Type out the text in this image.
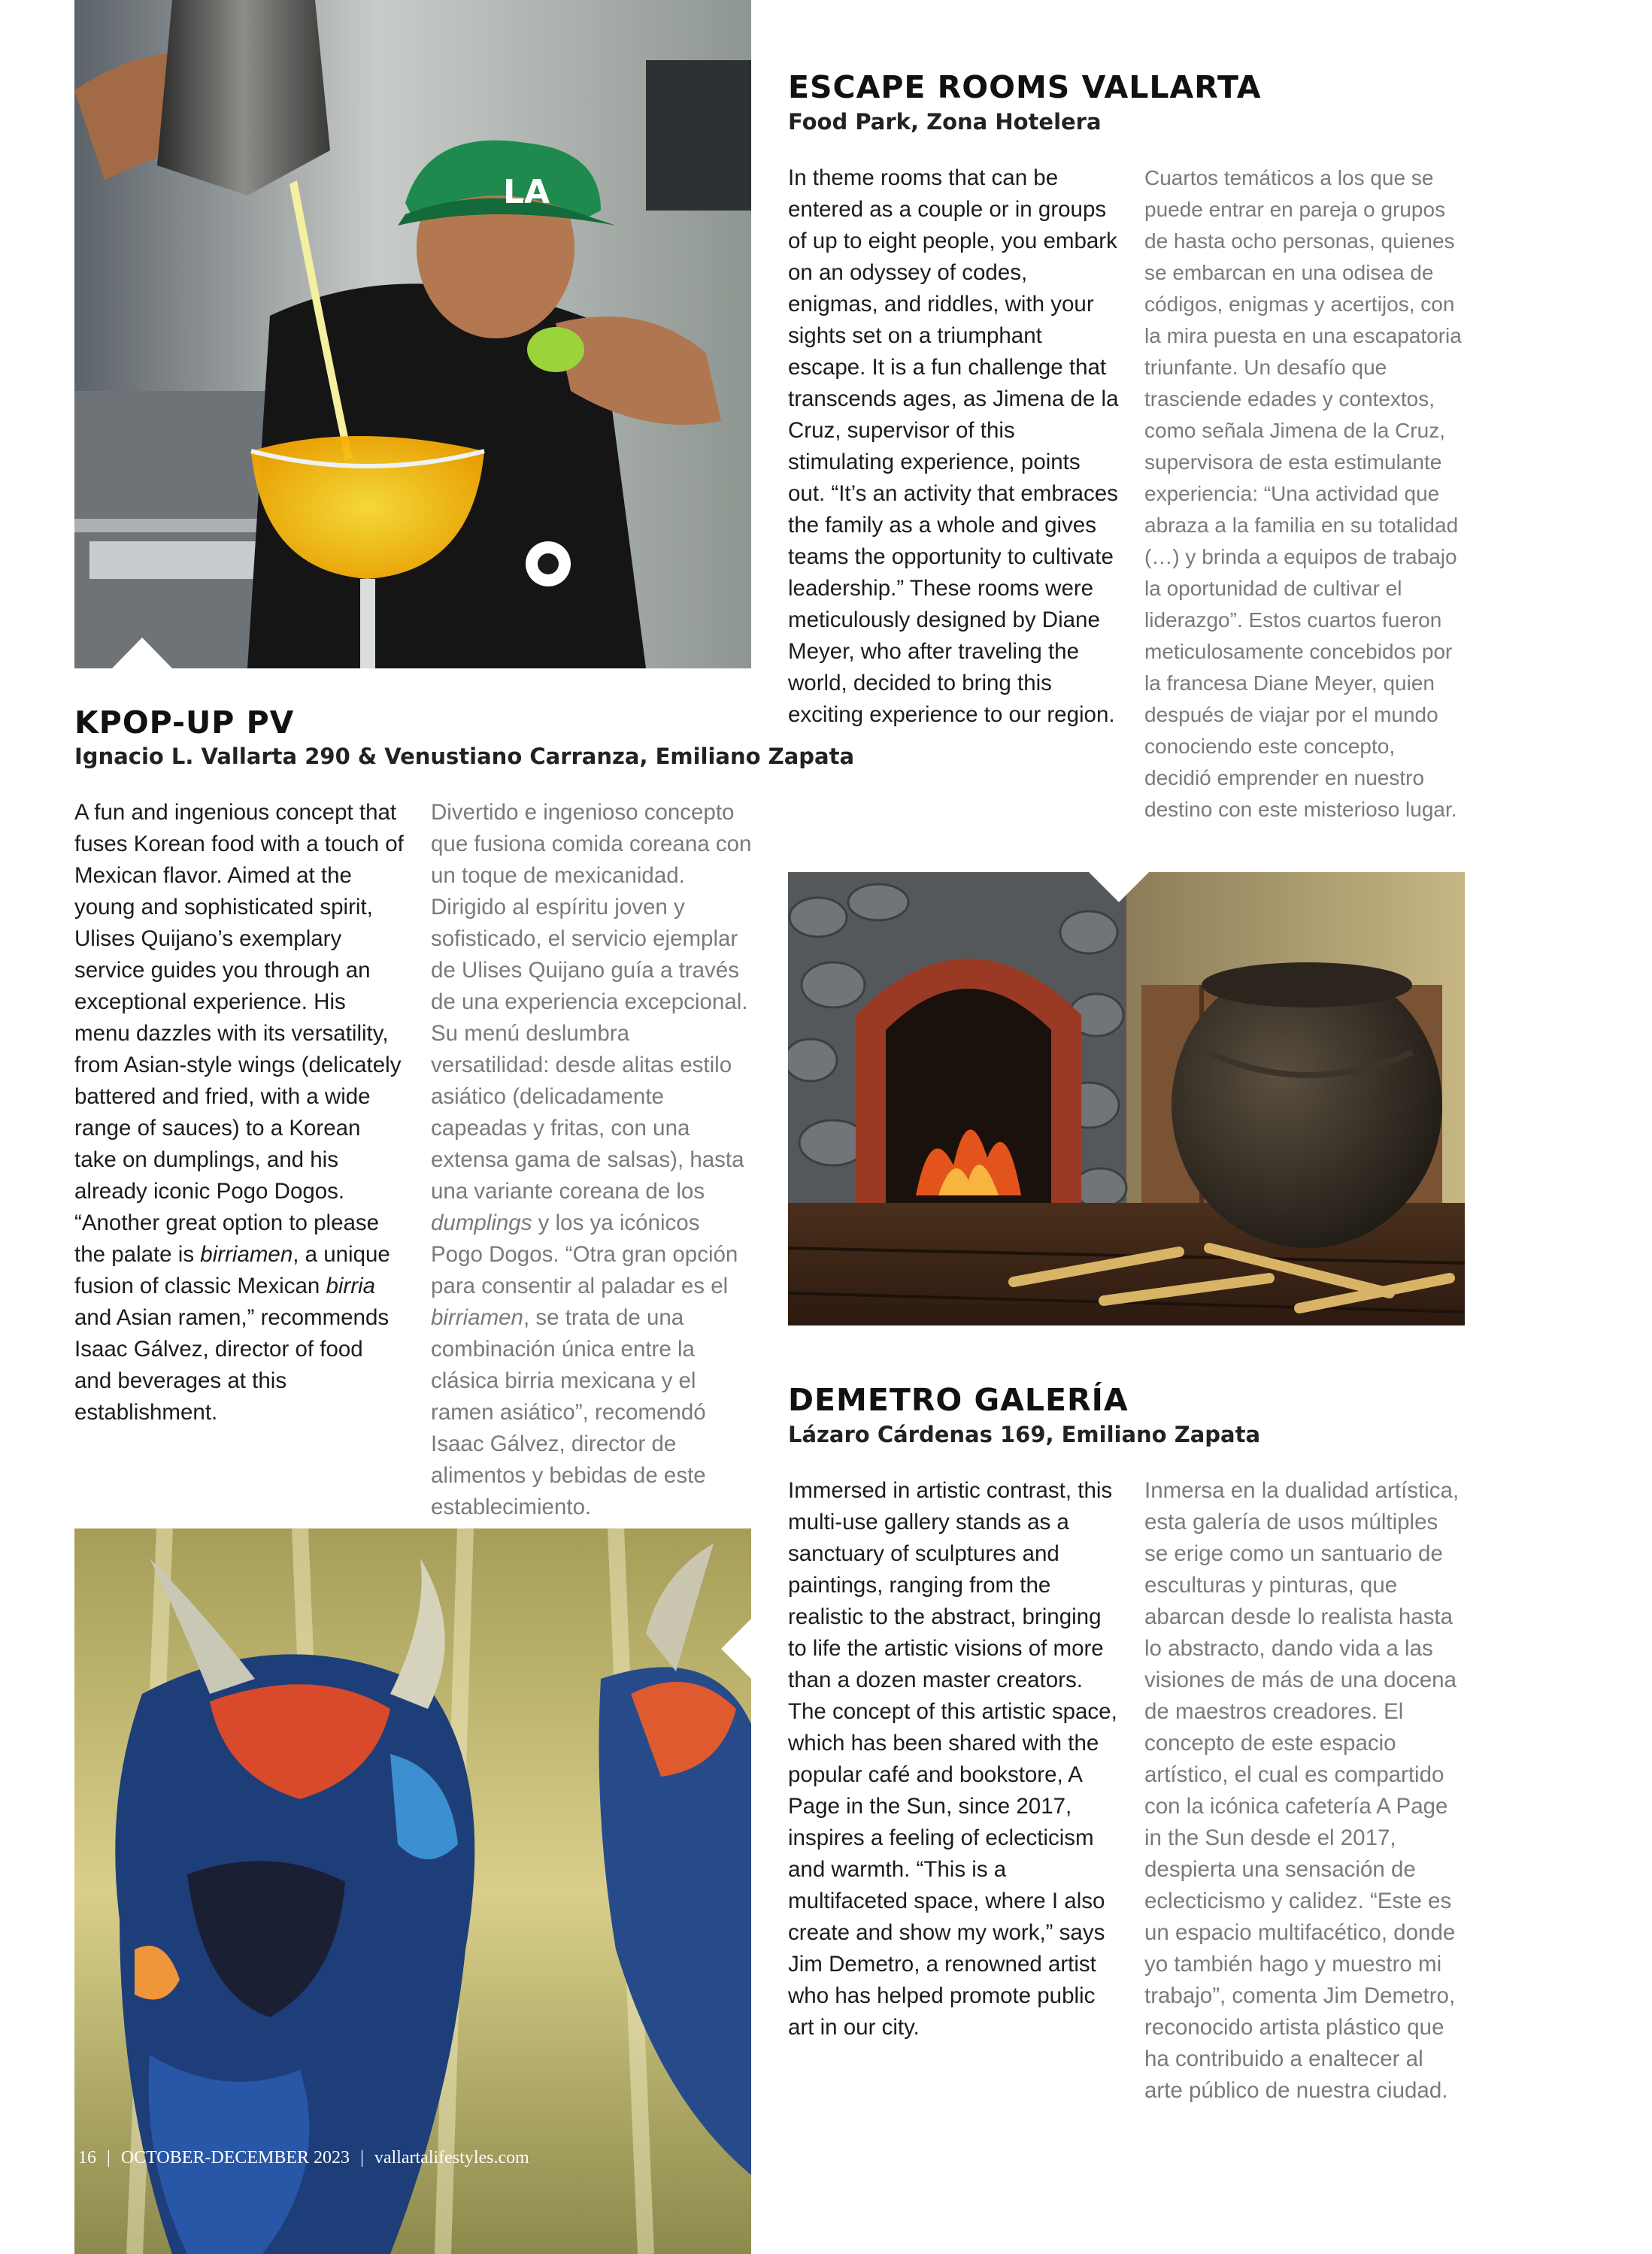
LA
ESCAPE ROOMS VALLARTA
Food Park, Zona Hotelera

In theme rooms that can be entered as a couple or in groups of up to eight people, you embark on an odyssey of codes, enigmas, and riddles, with your sights set on a triumphant escape. It is a fun challenge that transcends ages, as Jimena de la Cruz, supervisor of this stimulating experience, points out. “It’s an activity that embraces the family as a whole and gives teams the opportunity to cultivate leadership.” These rooms were meticulously designed by Diane Meyer, who after traveling the world, decided to bring this exciting experience to our region.

Cuartos temáticos a los que se puede entrar en pareja o grupos de hasta ocho personas, quienes se embarcan en una odisea de códigos, enigmas y acertijos, con la mira puesta en una escapatoria triunfante. Un desafío que trasciende edades y contextos, como señala Jimena de la Cruz, supervisora de esta estimulante experiencia: “Una actividad que abraza a la familia en su totalidad (…) y brinda a equipos de trabajo la oportunidad de cultivar el liderazgo”. Estos cuartos fueron meticulosamente concebidos por la francesa Diane Meyer, quien después de viajar por el mundo conociendo este concepto, decidió emprender en nuestro destino con este misterioso lugar.

KPOP-UP PV
Ignacio L. Vallarta 290 & Venustiano Carranza, Emiliano Zapata

A fun and ingenious concept that fuses Korean food with a touch of Mexican flavor. Aimed at the young and sophisticated spirit, Ulises Quijano’s exemplary service guides you through an exceptional experience. His menu dazzles with its versatility, from Asian-style wings (delicately battered and fried, with a wide range of sauces) to a Korean take on dumplings, and his already iconic Pogo Dogos. “Another great option to please the palate is birriamen, a unique fusion of classic Mexican birria and Asian ramen,” recommends Isaac Gálvez, director of food and beverages at this establishment.

Divertido e ingenioso concepto que fusiona comida coreana con un toque de mexicanidad. Dirigido al espíritu joven y sofisticado, el servicio ejemplar de Ulises Quijano guía a través de una experiencia excepcional. Su menú deslumbra versatilidad: desde alitas estilo asiático (delicadamente capeadas y fritas, con una extensa gama de salsas), hasta una variante coreana de los dumplings y los ya icónicos Pogo Dogos. “Otra gran opción para consentir al paladar es el birriamen, se trata de una combinación única entre la clásica birria mexicana y el ramen asiático”, recomendó Isaac Gálvez, director de alimentos y bebidas de este establecimiento.

DEMETRO GALERÍA
Lázaro Cárdenas 169, Emiliano Zapata

Immersed in artistic contrast, this multi-use gallery stands as a sanctuary of sculptures and paintings, ranging from the realistic to the abstract, bringing to life the artistic visions of more than a dozen master creators. The concept of this artistic space, which has been shared with the popular café and bookstore, A Page in the Sun, since 2017, inspires a feeling of eclecticism and warmth. “This is a multifaceted space, where I also create and show my work,” says Jim Demetro, a renowned artist who has helped promote public art in our city.

Inmersa en la dualidad artística, esta galería de usos múltiples se erige como un santuario de esculturas y pinturas, que abarcan desde lo realista hasta lo abstracto, dando vida a las visiones de más de una docena de maestros creadores. El concepto de este espacio artístico, el cual es compartido con la icónica cafetería A Page in the Sun desde el 2017, despierta una sensación de eclecticismo y calidez. “Este es un espacio multifacético, donde yo también hago y muestro mi trabajo”, comenta Jim Demetro, reconocido artista plástico que ha contribuido a enaltecer al arte público de nuestra ciudad.

16 | OCTOBER-DECEMBER 2023 | vallartalifestyles.com
